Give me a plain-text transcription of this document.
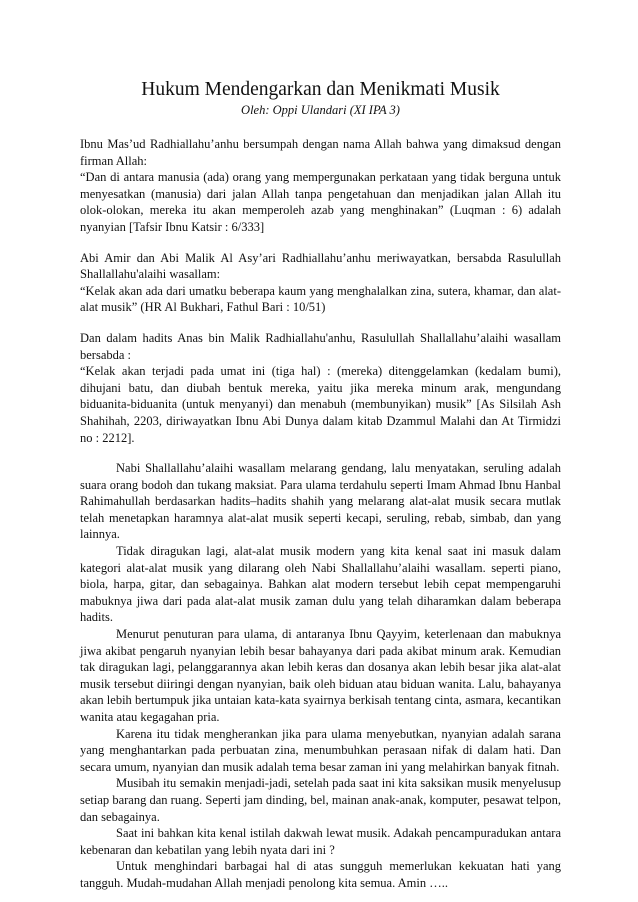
Hukum Mendengarkan dan Menikmati Musik

Oleh: Oppi Ulandari (XI IPA 3)

Ibnu Mas’ud Radhiallahu’anhu bersumpah dengan nama Allah bahwa yang dimaksud dengan firman Allah:

“Dan di antara manusia (ada) orang yang mempergunakan perkataan yang tidak berguna untuk menyesatkan (manusia) dari jalan Allah tanpa pengetahuan dan menjadikan jalan Allah itu olok-olokan, mereka itu akan memperoleh azab yang menghinakan” (Luqman : 6) adalah nyanyian [Tafsir Ibnu Katsir : 6/333]

Abi Amir dan Abi Malik Al Asy’ari Radhiallahu’anhu meriwayatkan, bersabda Rasulullah Shallallahu'alaihi wasallam:

“Kelak akan ada dari umatku beberapa kaum yang menghalalkan zina, sutera, khamar, dan alat-alat musik” (HR Al Bukhari, Fathul Bari : 10/51)

Dan dalam hadits Anas bin Malik Radhiallahu'anhu, Rasulullah Shallallahu’alaihi wasallam bersabda :

“Kelak akan terjadi pada umat ini (tiga hal) : (mereka) ditenggelamkan (kedalam bumi), dihujani batu, dan diubah bentuk mereka, yaitu jika mereka minum arak, mengundang biduanita-biduanita (untuk menyanyi) dan menabuh (membunyikan) musik” [As Silsilah Ash Shahihah, 2203, diriwayatkan Ibnu Abi Dunya dalam kitab Dzammul Malahi dan At Tirmidzi no : 2212].

Nabi Shallallahu’alaihi wasallam melarang gendang, lalu menyatakan, seruling adalah suara orang bodoh dan tukang maksiat. Para ulama terdahulu seperti Imam Ahmad Ibnu Hanbal Rahimahullah berdasarkan hadits–hadits shahih yang melarang alat-alat musik secara mutlak telah menetapkan haramnya alat-alat musik seperti kecapi, seruling, rebab, simbab, dan yang lainnya.

Tidak diragukan lagi, alat-alat musik modern yang kita kenal saat ini masuk dalam kategori alat-alat musik yang dilarang oleh Nabi Shallallahu’alaihi wasallam. seperti piano, biola, harpa, gitar, dan sebagainya. Bahkan alat modern tersebut lebih cepat mempengaruhi mabuknya jiwa dari pada alat-alat musik zaman dulu yang telah diharamkan dalam beberapa hadits.

Menurut penuturan para ulama, di antaranya Ibnu Qayyim, keterlenaan dan mabuknya jiwa akibat pengaruh nyanyian lebih besar bahayanya dari pada akibat minum arak. Kemudian tak diragukan lagi, pelanggarannya akan lebih keras dan dosanya akan lebih besar jika alat-alat musik tersebut diiringi dengan nyanyian, baik oleh biduan atau biduan wanita. Lalu, bahayanya akan lebih bertumpuk jika untaian kata-kata syairnya berkisah tentang cinta, asmara, kecantikan wanita atau kegagahan pria.

Karena itu tidak mengherankan jika para ulama menyebutkan, nyanyian adalah sarana yang menghantarkan pada perbuatan zina, menumbuhkan perasaan nifak di dalam hati. Dan secara umum, nyanyian dan musik adalah tema besar zaman ini yang melahirkan banyak fitnah.

Musibah itu semakin menjadi-jadi, setelah pada saat ini kita saksikan musik menyelusup setiap barang dan ruang. Seperti jam dinding, bel, mainan anak-anak, komputer, pesawat telpon, dan sebagainya.

Saat ini bahkan kita kenal istilah dakwah lewat musik. Adakah pencampuradukan antara kebenaran dan kebatilan yang lebih nyata dari ini ?

Untuk menghindari barbagai hal di atas sungguh memerlukan kekuatan hati yang tangguh. Mudah-mudahan Allah menjadi penolong kita semua. Amin …..
